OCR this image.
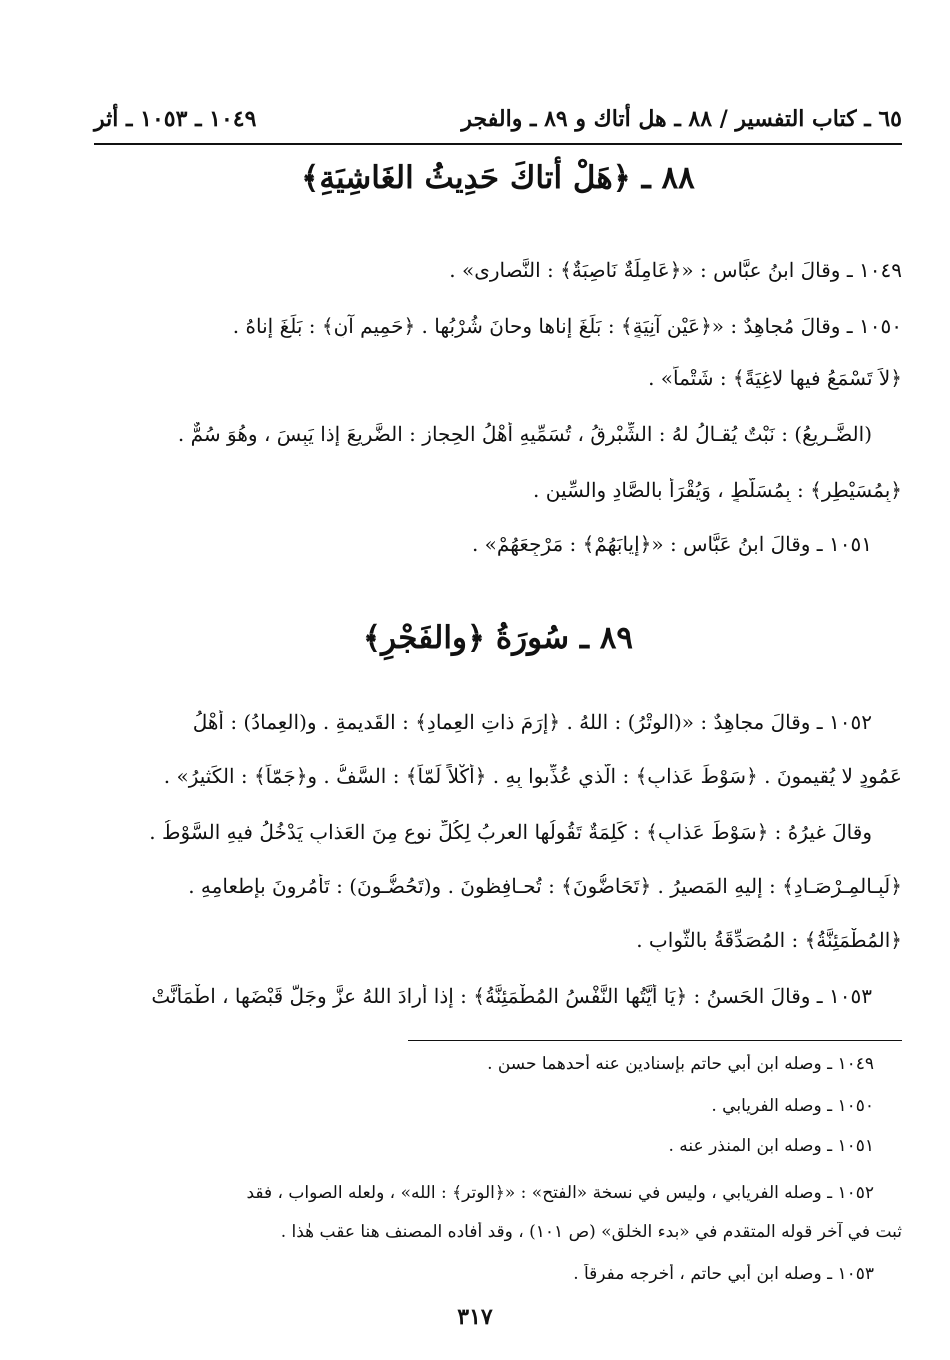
٦٥ ـ كتاب التفسير / ٨٨ ـ هل أتاك و ٨٩ ـ والفجر
١٠٤٩ ـ ١٠٥٣ ـ أثر
٨٨ ـ ﴿هَلْ أتاكَ حَدِيثُ الغَاشِيَةِ﴾
١٠٤٩ ـ وقالَ ابنُ عبَّاس : «﴿عَامِلَةٌ نَاصِبَةٌ﴾ : النَّصارى» .
١٠٥٠ ـ وقالَ مُجاهِدٌ : «﴿عَيْنٍ آنِيَةٍ﴾ : بَلَغَ إِناها وحانَ شُرْبُها . ﴿حَمِيمٍ آنٍ﴾ : بَلَغَ إِناهُ .
﴿لاَ تَسْمَعُ فيها لاغِيَةً﴾ : شَتْماً» .
(الضَّـرِيعُ) : نَبْتٌ يُقـالُ لهُ : الشِّبْرِقُ ، تُسَمِّيهِ أَهْلُ الحِجازِ : الضَّرِيعَ إِذا يَبِسَ ، وهُوَ سُمٌّ .
﴿بِمُسَيْطِرٍ﴾ : بِمُسَلَّطٍ ، وَيُقْرَأُ بالصَّادِ والسِّينِ .
١٠٥١ ـ وقالَ ابنُ عَبَّاسٍ : «﴿إِيابَهُمْ﴾ : مَرْجِعَهُمْ» .
٨٩ ـ سُورَةُ ﴿والفَجْرِ﴾
١٠٥٢ ـ وقالَ مجاهِدٌ : «(الوِتْرُ) : اللهُ . ﴿إِرَمَ ذاتِ العِمادِ﴾ : القَديمةِ . و(العِمادُ) : أَهْلُ
عَمُودٍ لا يُقيمونَ . ﴿سَوْطَ عَذابٍ﴾ : الَّذي عُذِّبوا بِهِ . ﴿أَكْلاً لَمّاً﴾ : السَّفُّ . و﴿جَمّاً﴾ : الكَثيرُ» .
وقالَ غيرُهُ : ﴿سَوْطَ عَذابٍ﴾ : كَلِمَةٌ تَقُولُها العربُ لِكُلِّ نوعٍ مِنَ العَذابِ يَدْخُلُ فيهِ السَّوْطُ .
﴿لَبِـالمِـرْصَـادِ﴾ : إِليهِ المَصيرُ . ﴿تَحَاضُّونَ﴾ : تُحـافِظونَ . و(تَحُضُّـونَ) : تَأْمُرونَ بإِطعامِهِ .
﴿المُطْمَئِنَّةُ﴾ : المُصَدِّقَةُ بالثَّوابِ .
١٠٥٣ ـ وقالَ الحَسنُ : ﴿يَا أَيَّتُها النَّفْسُ المُطْمَئِنَّةُ﴾ : إِذا أَرادَ اللهُ عزَّ وجَلَّ قَبْضَها ، اطْمَأَنَّتْ
١٠٤٩ ـ وصله ابن أبي حاتم بإسنادين عنه أحدهما حسن .
١٠٥٠ ـ وصله الفريابي .
١٠٥١ ـ وصله ابن المنذر عنه .
١٠٥٢ ـ وصله الفريابي ، وليس في نسخة «الفتح» : «﴿الوتر﴾ : الله» ، ولعله الصواب ، فقد
ثبت في آخر قوله المتقدم في «بدء الخلق» (ص ١٠١) ، وقد أفاده المصنف هنا عقب هٰذا .
١٠٥٣ ـ وصله ابن أبي حاتم ، أخرجه مفرقاً .
٣١٧
